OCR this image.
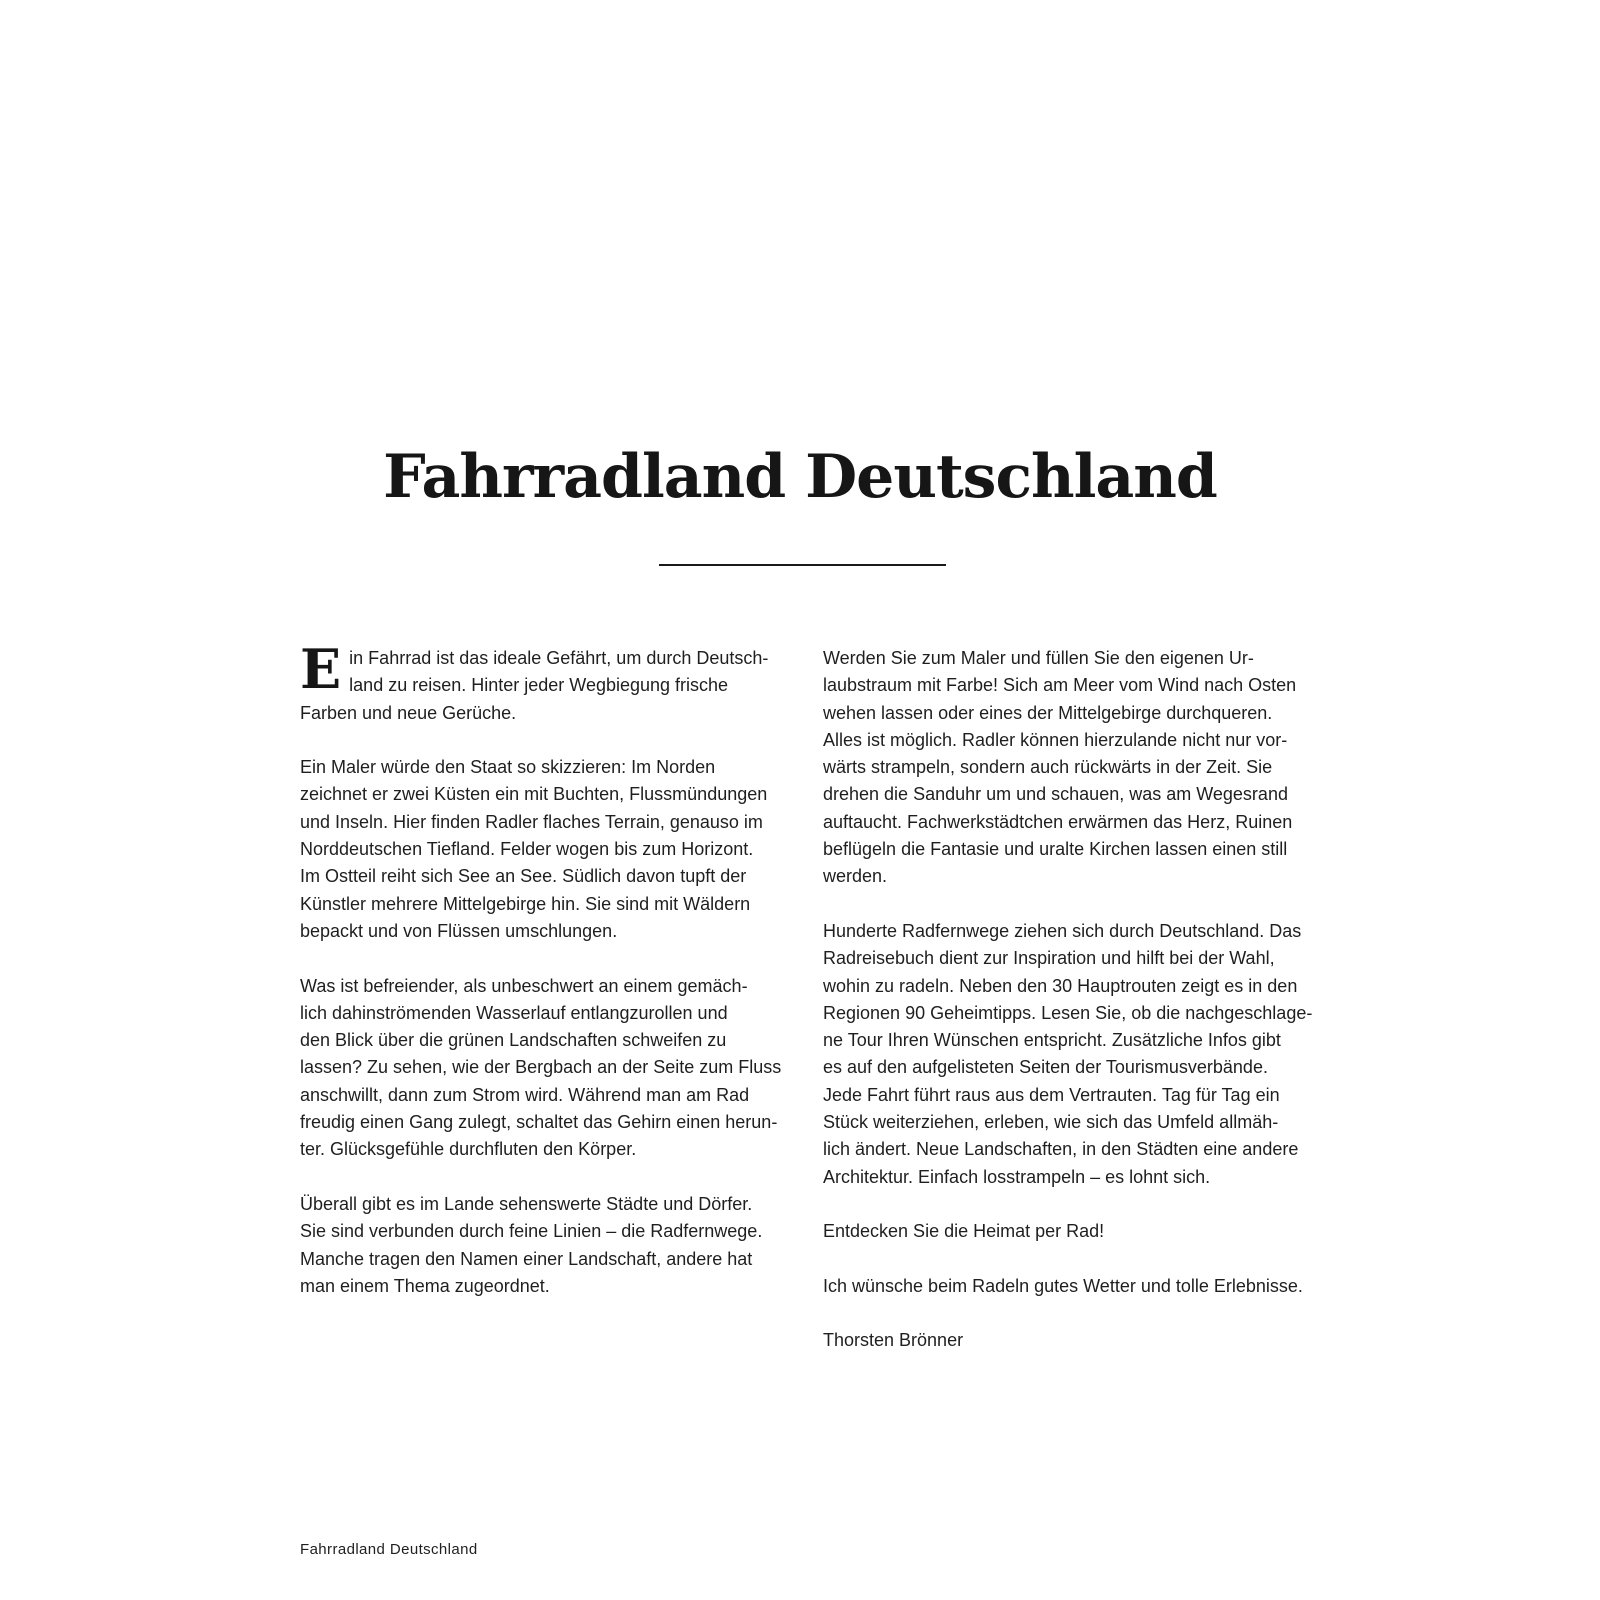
Fahrradland Deutschland
E in Fahrrad ist das ideale Gefährt, um durch Deutsch-
land zu reisen. Hinter jeder Wegbiegung frische
Farben und neue Gerüche.
Ein Maler würde den Staat so skizzieren: Im Norden
zeichnet er zwei Küsten ein mit Buchten, Flussmündungen
und Inseln. Hier finden Radler flaches Terrain, genauso im
Norddeutschen Tiefland. Felder wogen bis zum Horizont.
Im Ostteil reiht sich See an See. Südlich davon tupft der
Künstler mehrere Mittelgebirge hin. Sie sind mit Wäldern
bepackt und von Flüssen umschlungen.
Was ist befreiender, als unbeschwert an einem gemäch-
lich dahinströmenden Wasserlauf entlangzurollen und
den Blick über die grünen Landschaften schweifen zu
lassen? Zu sehen, wie der Bergbach an der Seite zum Fluss
anschwillt, dann zum Strom wird. Während man am Rad
freudig einen Gang zulegt, schaltet das Gehirn einen herun-
ter. Glücksgefühle durchfluten den Körper.
Überall gibt es im Lande sehenswerte Städte und Dörfer.
Sie sind verbunden durch feine Linien – die Radfernwege.
Manche tragen den Namen einer Landschaft, andere hat
man einem Thema zugeordnet.
Werden Sie zum Maler und füllen Sie den eigenen Ur-
laubstraum mit Farbe! Sich am Meer vom Wind nach Osten
wehen lassen oder eines der Mittelgebirge durchqueren.
Alles ist möglich. Radler können hierzulande nicht nur vor-
wärts strampeln, sondern auch rückwärts in der Zeit. Sie
drehen die Sanduhr um und schauen, was am Wegesrand
auftaucht. Fachwerkstädtchen erwärmen das Herz, Ruinen
beflügeln die Fantasie und uralte Kirchen lassen einen still
werden.
Hunderte Radfernwege ziehen sich durch Deutschland. Das
Radreisebuch dient zur Inspiration und hilft bei der Wahl,
wohin zu radeln. Neben den 30 Hauptrouten zeigt es in den
Regionen 90 Geheimtipps. Lesen Sie, ob die nachgeschlage-
ne Tour Ihren Wünschen entspricht. Zusätzliche Infos gibt
es auf den aufgelisteten Seiten der Tourismusverbände.
Jede Fahrt führt raus aus dem Vertrauten. Tag für Tag ein
Stück weiterziehen, erleben, wie sich das Umfeld allmäh-
lich ändert. Neue Landschaften, in den Städten eine andere
Architektur. Einfach losstrampeln – es lohnt sich.
Entdecken Sie die Heimat per Rad!
Ich wünsche beim Radeln gutes Wetter und tolle Erlebnisse.
Thorsten Brönner
Fahrradland Deutschland
